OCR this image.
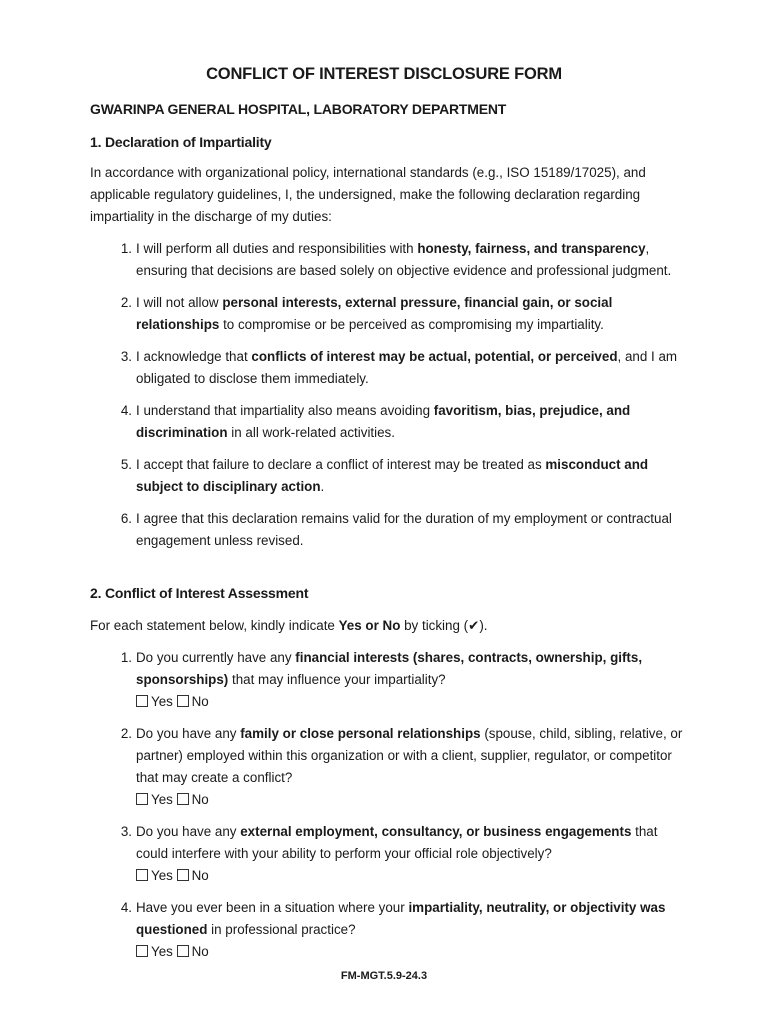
CONFLICT OF INTEREST DISCLOSURE FORM
GWARINPA GENERAL HOSPITAL, LABORATORY DEPARTMENT
1. Declaration of Impartiality
In accordance with organizational policy, international standards (e.g., ISO 15189/17025), and applicable regulatory guidelines, I, the undersigned, make the following declaration regarding impartiality in the discharge of my duties:
1. I will perform all duties and responsibilities with honesty, fairness, and transparency, ensuring that decisions are based solely on objective evidence and professional judgment.
2. I will not allow personal interests, external pressure, financial gain, or social relationships to compromise or be perceived as compromising my impartiality.
3. I acknowledge that conflicts of interest may be actual, potential, or perceived, and I am obligated to disclose them immediately.
4. I understand that impartiality also means avoiding favoritism, bias, prejudice, and discrimination in all work-related activities.
5. I accept that failure to declare a conflict of interest may be treated as misconduct and subject to disciplinary action.
6. I agree that this declaration remains valid for the duration of my employment or contractual engagement unless revised.
2. Conflict of Interest Assessment
For each statement below, kindly indicate Yes or No by ticking (✔).
1. Do you currently have any financial interests (shares, contracts, ownership, gifts, sponsorships) that may influence your impartiality?
Yes No
2. Do you have any family or close personal relationships (spouse, child, sibling, relative, or partner) employed within this organization or with a client, supplier, regulator, or competitor that may create a conflict?
Yes No
3. Do you have any external employment, consultancy, or business engagements that could interfere with your ability to perform your official role objectively?
Yes No
4. Have you ever been in a situation where your impartiality, neutrality, or objectivity was questioned in professional practice?
Yes No
FM-MGT.5.9-24.3
